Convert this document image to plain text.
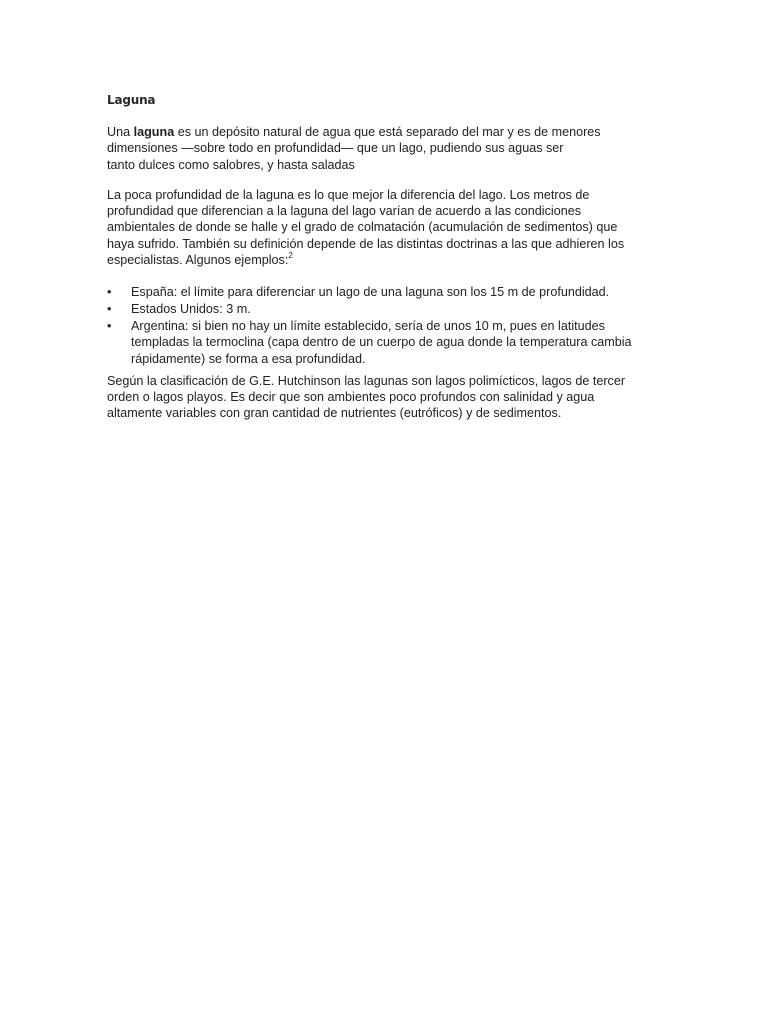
Laguna

Una laguna es un depósito natural de agua que está separado del mar y es de menores
dimensiones —sobre todo en profundidad— que un lago, pudiendo sus aguas ser
tanto dulces como salobres, y hasta saladas

La poca profundidad de la laguna es lo que mejor la diferencia del lago. Los metros de
profundidad que diferencian a la laguna del lago varían de acuerdo a las condiciones
ambientales de donde se halle y el grado de colmatación (acumulación de sedimentos) que
haya sufrido. También su definición depende de las distintas doctrinas a las que adhieren los
especialistas. Algunos ejemplos:$^2$

• España: el límite para diferenciar un lago de una laguna son los 15 m de profundidad.
• Estados Unidos: 3 m.
• Argentina: si bien no hay un límite establecido, sería de unos 10 m, pues en latitudes
templadas la termoclina (capa dentro de un cuerpo de agua donde la temperatura cambia
rápidamente) se forma a esa profundidad.

Según la clasificación de G.E. Hutchinson las lagunas son lagos polimícticos, lagos de tercer
orden o lagos playos. Es decir que son ambientes poco profundos con salinidad y agua
altamente variables con gran cantidad de nutrientes (eutróficos) y de sedimentos.
